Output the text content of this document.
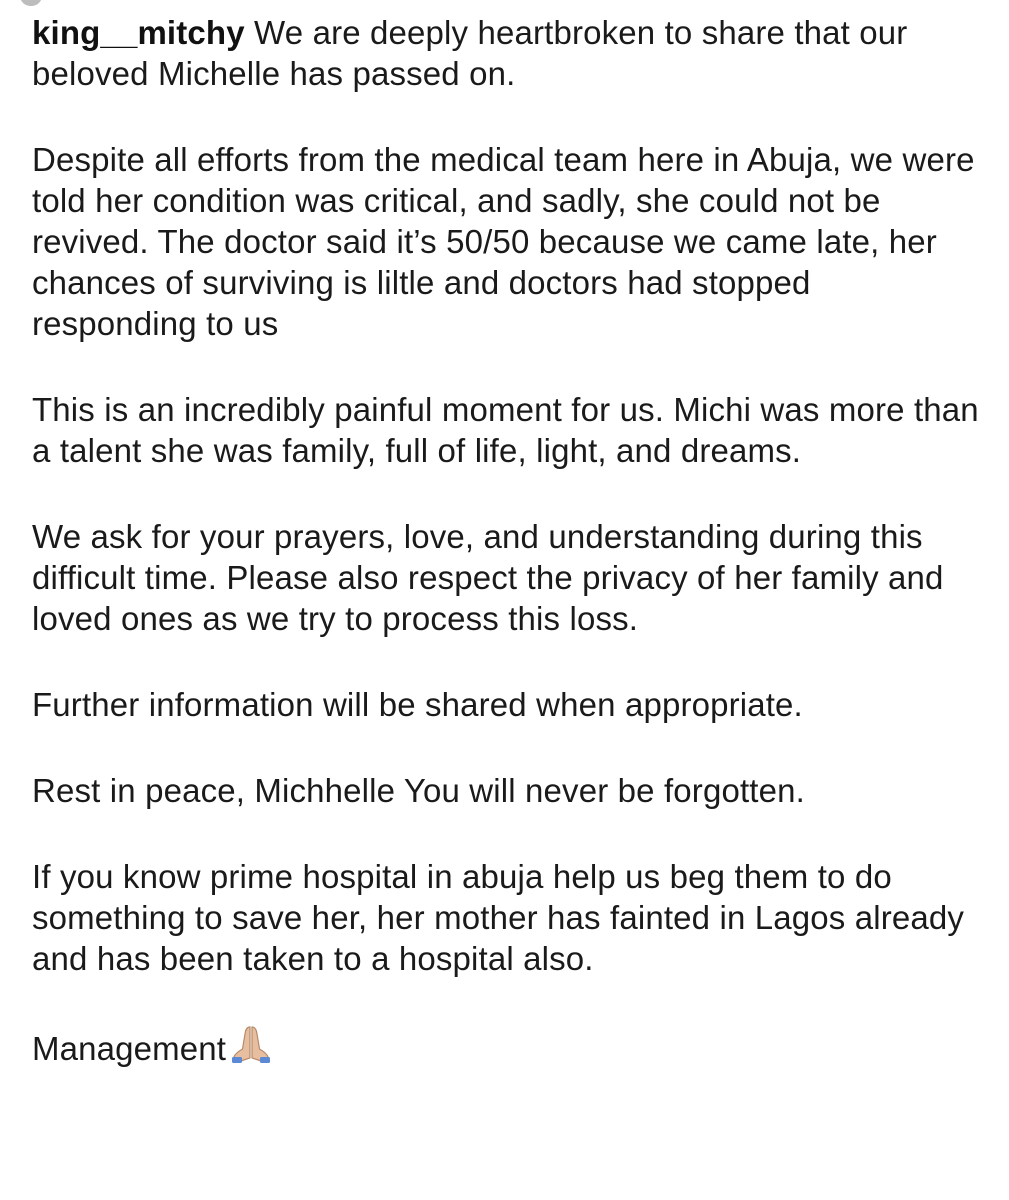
king__mitchy We are deeply heartbroken to share that our beloved Michelle has passed on.

Despite all efforts from the medical team here in Abuja, we were told her condition was critical, and sadly, she could not be revived. The doctor said it’s 50/50 because we came late, her chances of surviving is liltle and doctors had stopped responding to us

This is an incredibly painful moment for us. Michi was more than a talent she was family, full of life, light, and dreams.

We ask for your prayers, love, and understanding during this difficult time. Please also respect the privacy of her family and loved ones as we try to process this loss.

Further information will be shared when appropriate.

Rest in peace, Michhelle You will never be forgotten.

If you know prime hospital in abuja help us beg them to do something to save her, her mother has fainted in Lagos already and has been taken to a hospital also.

Management
